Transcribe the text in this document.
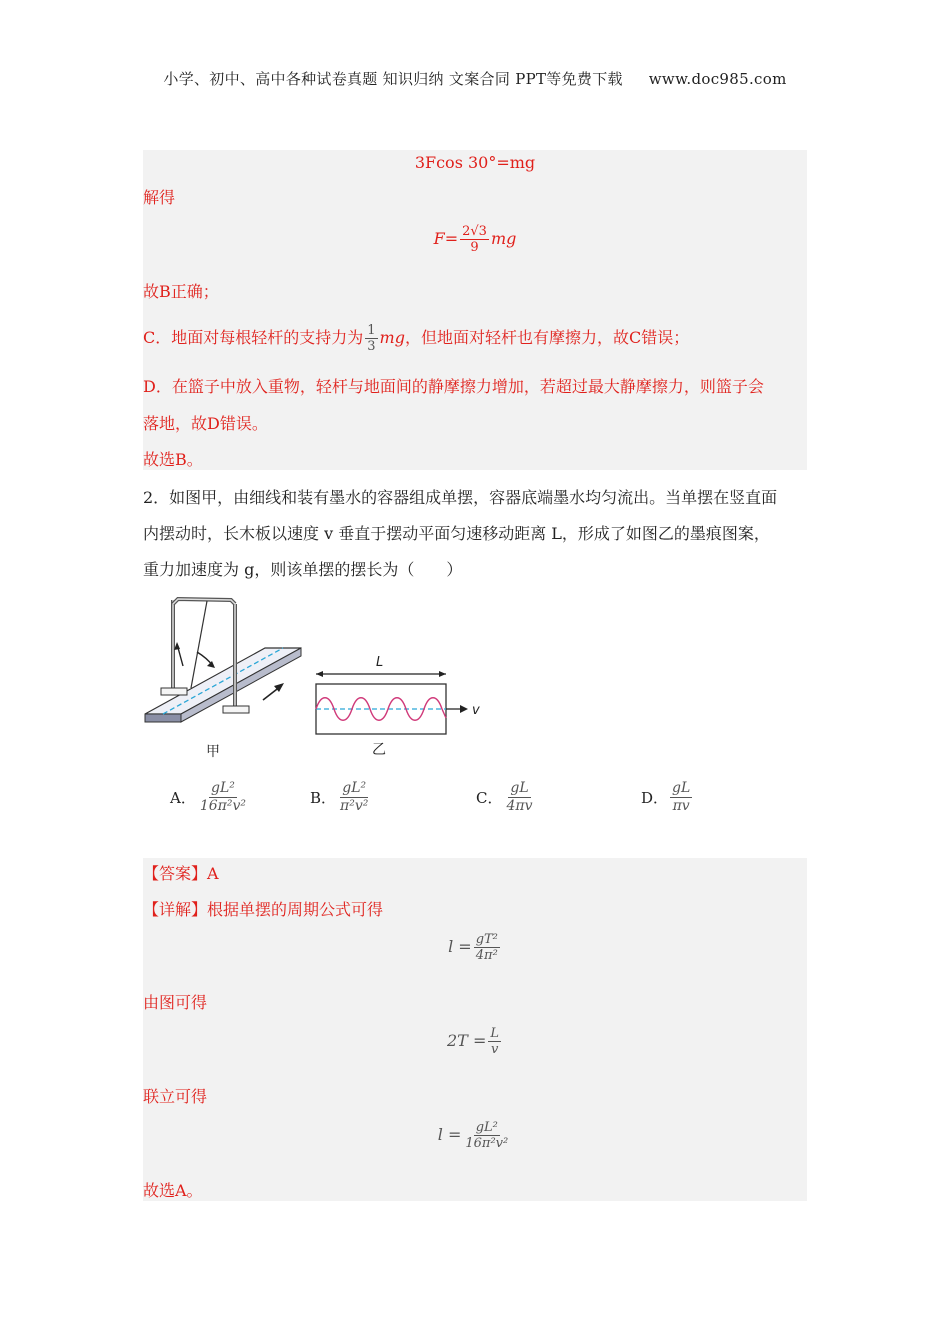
小学、初中、高中各种试卷真题 知识归纳 文案合同 PPT等免费下载 www.doc985.com
3Fcos 30°=mg
解得
$F= \frac{2√3}{9}$ mg
故B正确；
C．地面对每根轻杆的支持力为 $\frac{1}{3}$ mg，但地面对轻杆也有摩擦力，故C错误；
D．在篮子中放入重物，轻杆与地面间的静摩擦力增加，若超过最大静摩擦力，则篮子会
落地，故D错误。
故选B。
2．如图甲，由细线和装有墨水的容器组成单摆，容器底端墨水均匀流出。当单摆在竖直面
内摆动时，长木板以速度 v 垂直于摆动平面匀速移动距离 L，形成了如图乙的墨痕图案，
重力加速度为 g，则该单摆的摆长为（　　）
甲
L
v
乙
A． $\frac{\text{gL²}}{\text{16π²v²}}$	B． $\frac{\text{gL²}}{\text{π²v²}}$	C． $\frac{gL}{4\pi v}$	D． $\frac{gL}{\pi v}$
【答案】A
【详解】根据单摆的周期公式可得
$l = \frac{\text{gT²}}{\text{4π²}}$
由图可得
$2T = \frac{L}{v}$
联立可得
$l = \frac{\text{gL²}}{\text{16π²v²}}$
故选A。
